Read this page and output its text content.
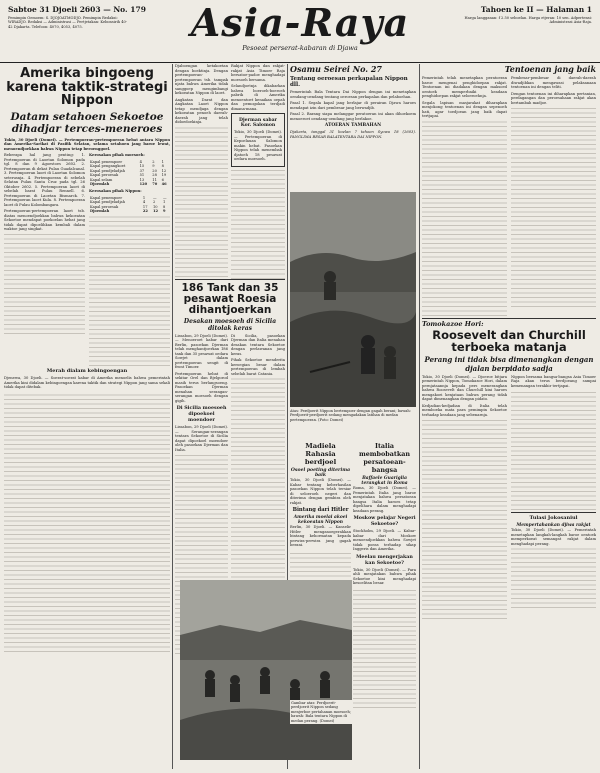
Sabtoe 31 Djoeli 2603 — No. 179
Pemimpin Oemoem: S. DJOJOATMODJO. Pemimpin Redaksi: WIRADJO. Redaksi — Administrasi — Pertjetakan: Kebonsirih 40-42 Djakarta. Telefoon: 4070, 4053, 4075.	Asia-Raya
Pesoeat perserat-kabaran di Djawa
Tahoen ke II — Halaman 1
Harga langganan: f 2.50 seboelan. Harga etjeran: 10 sen. Adpertensi: Administrasi Asia-Raja.
Amerika bingoeng karena taktik-strategi Nippon

Datam setahoen Sekoetoe dihadjar terces-meneroes

Tokio, 30 Djoeli (Domei). — Pertempoeran-pertempoeran hebat antara Nippon dan Amerika-Sarikat di Pasifik Selatan, selama setahoen jang baroe lewat, menoendjoekkan bahwa Nippon tetap beroenggoel.

Beberapa hal jang penting: 1. Pertempoeran di Laoetan Solomon pada tgl. 8 dan 9 Agoestoes 2602. 2. Pertempoeran di dekat Pulau Guadalcanal. 3. Pertempoeran laoet di Laoetan Solomon seterusnja. 4. Pertempoeran di sebelah Selatan Pulau Santa Cruz pada tgl. 26 Oktober 2602. 5. Pertempoeran laoet di sebelah barat Pulau Rennell. 6. Pertempoeran di Laoetan Bismarck. 7. Pertempoeran laoet Kula. 8. Pertempoeran laoet di Pulau Kolombangara.

Pertempoeran-pertempoeran laoet tsb. diatas menoendjoekkan bahwa kekoeatan Sekoetoe mendapat poekoelan hebat jang tidak dapat dipoelihkan kembali dalam waktoe jang singkat.

Kerosakan pihak moesoeh:

Kapal penempoer	4	2	1
Kapal pengangkoet	15	9	8
Kapal pendjeladjah	37	20	12
Kapal peroesak	51	28	19
Kapal selam	13	11	6
Djoemlah	120	70	46

Kerosakan pihak Nippon:

Kapal penempoer	1	—	—
Kapal pendjeladjah	4	2	1
Kapal peroesak	17	10	8
Djoemlah	22	12	9

Merah dialam kebingoengan

Djenewa, 30 Djoeli. — Soerat-soerat kabar di Amerika menoelis bahwa pemerintah Amerika kini didalam kebingoengan karena taktik dan strategi Nippon jang sama sekali tidak dapat ditebak.

Djaboengan ketakoetan dengan boektinja. Dengan pertempoeran-pertempoeran tsb. tampak njata bahwa Amerika tidak sanggoep mengimbangi kekoeatan Nippon di laoet.

Angkatan Darat dan Angkatan Laoet Nippon tetap mendjaga dengan kekoeatan penoeh daerah-daerah jang telah didoedoekinja.

Rakjat Nippon dan rakjat-rakjat Asia Timoer Raja bersatoe-padoe menghadapi moesoeh bersama.

Selandjoetnja dikabarkan bahwa boeroeh-boeroeh pabrik di Amerika menoentoet kenaikan oepah dan pemogokan terdjadi dimana-mana.

Djerman sabar Kor. Salomon

Tokio, 30 Djoeli (Domei). — Pertempoeran di Kepoelauan Salomon makin hebat. Pasoekan Nippon telah menembak djatoeh 18 pesawat oedara moesoeh.

186 Tank dan 35 pesawat Roesia dihantjoerkan

Desakan moesoeh di Sicilia ditolak keras

Lissabon, 29 Djoeli (Domei). — Menoeroet kabar dari Berlin, pasoekan Djerman telah menghantjoerkan 186 tank dan 35 pesawat oedara Sowjet dalam pertempoeran sengit di front Timoer.

Pertempoeran hebat di sekitar Orel dan Bjelgorod masih terus berlangsoeng. Pasoekan Djerman menahan serangan-serangan moesoeh dengan gigih.

Di Sicilia moesoeh dipoekoel moendoer

Lissabon, 29 Djoeli (Domei). — Serangan-serangan tentara Sekoetoe di Sicilia dapat dipoekoel moendoer oleh pasoekan Djerman dan Italia.

Di Sicilia, pasoekan Djerman dan Italia menahan desakan tentara Sekoetoe dengan perlawanan jang keras.

Pihak Sekoetoe menderita keroegian besar dalam pertempoeran di lembah sebelah barat Catania.

Osamu Seirei No. 27

Tentang oeroesan perkapalan Nippon dll.

Pemerintah Bala Tentara Dai Nippon dengan ini menetapkan oendang-oendang tentang oeroesan perkapalan dan pelaboehan.

Pasal 1. Segala kapal jang berlajar di perairan Djawa haroes mendapat izin dari pembesar jang berwadjib.

Pasal 2. Barang siapa melanggar peratoeran ini akan dihoekoem menoeroet oendang-oendang jang berlakoe.

ATOERAN TAMBAHAN

Djakarta, tanggal 31 boelan 7 tahoen Syowa 18 (2603). PANGLIMA BESAR BALATENTARA DAI NIPPON.

Atas: Perdjoerit Nippon bertempoer dengan gagah berani; bawah: Perdjoerit-perdjoerit sedang mengadakan latihan di medan pertempoeran. (Foto: Domei)

Madiela Rahasia berdjoel

Osoel poeting diterima baik

Tokio, 30 Djoeli (Domei). — Kabar tentang keberhasilan pasoekan Nippon telah tersiar di seloeroeh negeri dan diterima dengan gembira oleh rakjat.

Bintang dari Hitler

Amerika moelai akoei kekoeatan Nippon

Berlin, 30 Djoeli. — Kanselir Hitler menganoegerahkan bintang kehormatan kepada perwira-perwira jang gagah berani.

Italia membobatkan persatoean-bangsa

Baffaele Guariglia terangkat in Roma

Roma, 30 Djoeli (Domei). — Pemerintah Italia jang baroe menjatakan bahwa persatoean bangsa Italia haroes tetap dipelihara dalam menghadapi keadaan perang.

Moskow pelajar Negeri Sekoetoe?

Stockholm, 29 Djoeli. — Kabar-kabar dari Moskow menoendjoekkan bahwa Sowjet tidak poeas terhadap sikap Inggeris dan Amerika.

Meelau mengerjakan kan Sekoetoe?

Tokio, 30 Djoeli (Domei). — Para ahli menjatakan bahwa pihak Sekoetoe kini menghadapi kesoelitan besar.

Gambar atas: Perdjoerit-perdjoerit Nippon sedang menjerboe pertahanan moesoeh; bawah: Bala tentara Nippon di medan perang. (Domei)

Tentoenan jang baik

Pemerintah telah menetapkan peratoeran baroe mengenai penghidoepan rakjat. Tentoenan ini diadakan dengan maksoed oentoek memperbaiki keadaan penghidoepan rakjat seloeroehnja.

Segala lapisan masjarakat diharapkan menjokong tentoenan ini dengan sepenoeh hati, agar toedjoean jang baik dapat tertjapai.

Pembesar-pembesar di daerah-daerah diwadjibkan mengawasi pelaksanaan tentoenan ini dengan teliti.

Dengan tentoenan ini diharapkan pertanian, perdagangan dan peroesahaan rakjat akan bertambah madjoe.

Tomokazoe Hori:

Roosevelt dan Churchill terboeka matanja

Perang ini tidak bisa dimenangkan dengan djalan berpidato sadja

Tokio, 30 Djoeli (Domei). — Djoeroe bitjara pemerintah Nippon, Tomokazoe Hori, dalam pernjataannja kepada pers menerangkan bahwa Roosevelt dan Churchill kini haroes mengakoei kenjataan bahwa perang tidak dapat dimenangkan dengan pidato.

Kedjadian-kedjadian di Italia telah memboeka mata para pemimpin Sekoetoe terhadap keadaan jang sebenarnja.

Nippon bersama bangsa-bangsa Asia Timoer Raja akan terus berdjoeang sampai kemenangan terakhir tertjapai.

Tulasi Jokosaniul

Mempertahankan djiwa rakjat

Tokio, 30 Djoeli (Domei). — Pemerintah menetapkan langkah-langkah baroe oentoek memperkoeat semangat rakjat dalam menghadapi perang.
